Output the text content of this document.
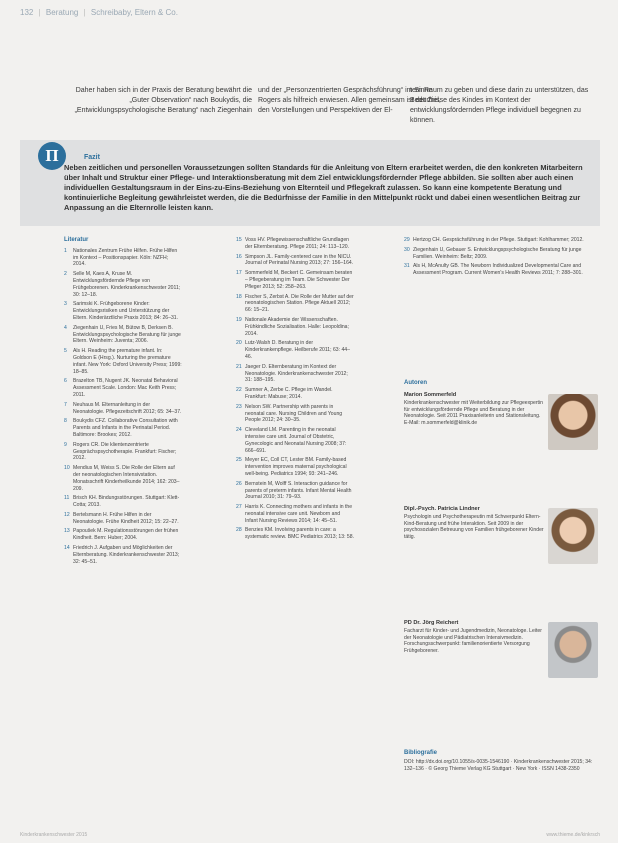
132 | Beratung | Schreibaby, Eltern & Co.
Daher haben sich in der Praxis der Beratung bewährt die „Guter Observation“ nach Boukydis, die „Entwicklungspsychologische Beratung“ nach Ziegenhain
und der „Personzentrierten Gesprächsführung“ im Sinne Rogers als hilfreich erwiesen. Allen gemeinsam ist der Ziel, den Vorstellungen und Perspektiven der El-
tern Raum zu geben und diese darin zu unterstützen, das Bedürfnisse des Kindes im Kontext der entwicklungsfördernden Pflege individuell begegnen zu können.
Π	Fazit
Neben zeitlichen und personellen Voraussetzungen sollten Standards für die Anleitung von Eltern erarbeitet werden, die den konkreten Mitarbeitern über Inhalt und Struktur einer Pflege- und Interaktionsberatung mit dem Ziel entwicklungsfördernder Pflege abbilden. Sie sollten aber auch einen individuellen Gestaltungsraum in der Eins-zu-Eins-Beziehung von Elternteil und Pflegekraft zulassen. So kann eine kompetente Beratung und kontinuierliche Begleitung gewährleistet werden, die die Bedürfnisse der Familie in den Mittelpunkt rückt und dabei einen wesentlichen Beitrag zur Anpassung an die Elternrolle leisten kann.
Literatur
1	Nationales Zentrum Frühe Hilfen. Frühe Hilfen im Kontext – Positionspapier. Köln: NZFH; 2014.
2	Selle M, Kaes A, Kruse M. Entwicklungsfördernde Pflege von Frühgeborenen. Kinderkrankenschwester 2011; 30: 12–18.
3	Sarimski K. Frühgeborene Kinder: Entwicklungsrisiken und Unterstützung der Eltern. Kinderärztliche Praxis 2013; 84: 26–31.
4	Ziegenhain U, Fries M, Bütow B, Derksen B. Entwicklungspsychologische Beratung für junge Eltern. Weinheim: Juventa; 2006.
5	Als H. Reading the premature infant. In: Goldson E (Hrsg.). Nurturing the premature infant. New York: Oxford University Press; 1999: 18–85.
6	Brazelton TB, Nugent JK. Neonatal Behavioral Assessment Scale. London: Mac Keith Press; 2011.
7	Neuhaus M. Elternanleitung in der Neonatologie. Pflegezeitschrift 2012; 65: 34–37.
8	Boukydis CFZ. Collaborative Consultation with Parents and Infants in the Perinatal Period. Baltimore: Brookes; 2012.
9	Rogers CR. Die klientenzentrierte Gesprächspsychotherapie. Frankfurt: Fischer; 2012.
10 Mendius M, Weiss S. Die Rolle der Eltern auf der neonatologischen Intensivstation. Monatsschrift Kinderheilkunde 2014; 162: 203–209.
11 Brisch KH. Bindungsstörungen. Stuttgart: Klett-Cotta; 2013.
12 Bertelsmann H. Frühe Hilfen in der Neonatologie. Frühe Kindheit 2012; 15: 22–27.
13 Papoušek M. Regulationsstörungen der frühen Kindheit. Bern: Huber; 2004.
14 Friedrich J. Aufgaben und Möglichkeiten der Elternberatung. Kinderkrankenschwester 2013; 32: 45–51.
15 Voss HV. Pflegewissenschaftliche Grundlagen der Elternberatung. Pflege 2011; 24: 113–120.
16 Simpson JL. Family-centered care in the NICU. Journal of Perinatal Nursing 2013; 27: 156–164.
17 Sommerfeld M, Beckert C. Gemeinsam beraten – Pflegeberatung im Team. Die Schwester Der Pfleger 2013; 52: 258–263.
18 Fischer S, Zerbst A. Die Rolle der Mutter auf der neonatologischen Station. Pflege Aktuell 2012; 66: 15–21.
19 Nationale Akademie der Wissenschaften. Frühkindliche Sozialisation. Halle: Leopoldina; 2014.
20 Lutz-Walsh D. Beratung in der Kinderkrankenpflege. Heilberufe 2011; 63: 44–46.
21 Jaeger D. Elternberatung im Kontext der Neonatologie. Kinderkrankenschwester 2012; 31: 188–195.
22 Sumner A, Zerbe C. Pflege im Wandel. Frankfurt: Mabuse; 2014.
23 Nelson SW. Partnership with parents in neonatal care. Nursing Children and Young People 2012; 24: 30–35.
24 Cleveland LM. Parenting in the neonatal intensive care unit. Journal of Obstetric, Gynecologic and Neonatal Nursing 2008; 37: 666–691.
25 Meyer EC, Coll CT, Lester BM. Family-based intervention improves maternal psychological well-being. Pediatrics 1994; 93: 241–246.
26 Bernstein M, Wolff S. Interaction guidance for parents of preterm infants. Infant Mental Health Journal 2010; 31: 79–93.
27 Harris K. Connecting mothers and infants in the neonatal intensive care unit. Newborn and Infant Nursing Reviews 2014; 14: 45–51.
28 Benzies KM. Involving parents in care: a systematic review. BMC Pediatrics 2013; 13: 58.
29 Hertzog CH. Gesprächsführung in der Pflege. Stuttgart: Kohlhammer; 2012.
30 Ziegenhain U, Gebauer S. Entwicklungspsychologische Beratung für junge Familien. Weinheim: Beltz; 2009.
31 Als H, McAnulty GB. The Newborn Individualized Developmental Care and Assessment Program. Current Women's Health Reviews 2011; 7: 288–301.
Autoren
Marion Sommerfeld
Kinderkrankenschwester mit Weiterbildung zur Pflegeexpertin für entwicklungsfördernde Pflege und Beratung in der Neonatologie. Seit 2011 Praxisanleiterin und Stationsleitung. E-Mail: m.sommerfeld@klinik.de
Dipl.-Psych. Patricia Lindner
Psychologin und Psychotherapeutin mit Schwerpunkt Eltern-Kind-Beratung und frühe Interaktion. Seit 2009 in der psychosozialen Betreuung von Familien frühgeborener Kinder tätig.
PD Dr. Jörg Reichert
Facharzt für Kinder- und Jugendmedizin, Neonatologe. Leiter der Neonatologie und Pädiatrischen Intensivmedizin. Forschungsschwerpunkt: familienorientierte Versorgung Frühgeborener.
Bibliografie
DOI: http://dx.doi.org/10.1055/s-0035-1546190 · Kinderkrankenschwester 2015; 34: 132–136 · © Georg Thieme Verlag KG Stuttgart · New York · ISSN 1438-2350
Kinderkrankenschwester 2015	www.thieme.de/kinkrsch
